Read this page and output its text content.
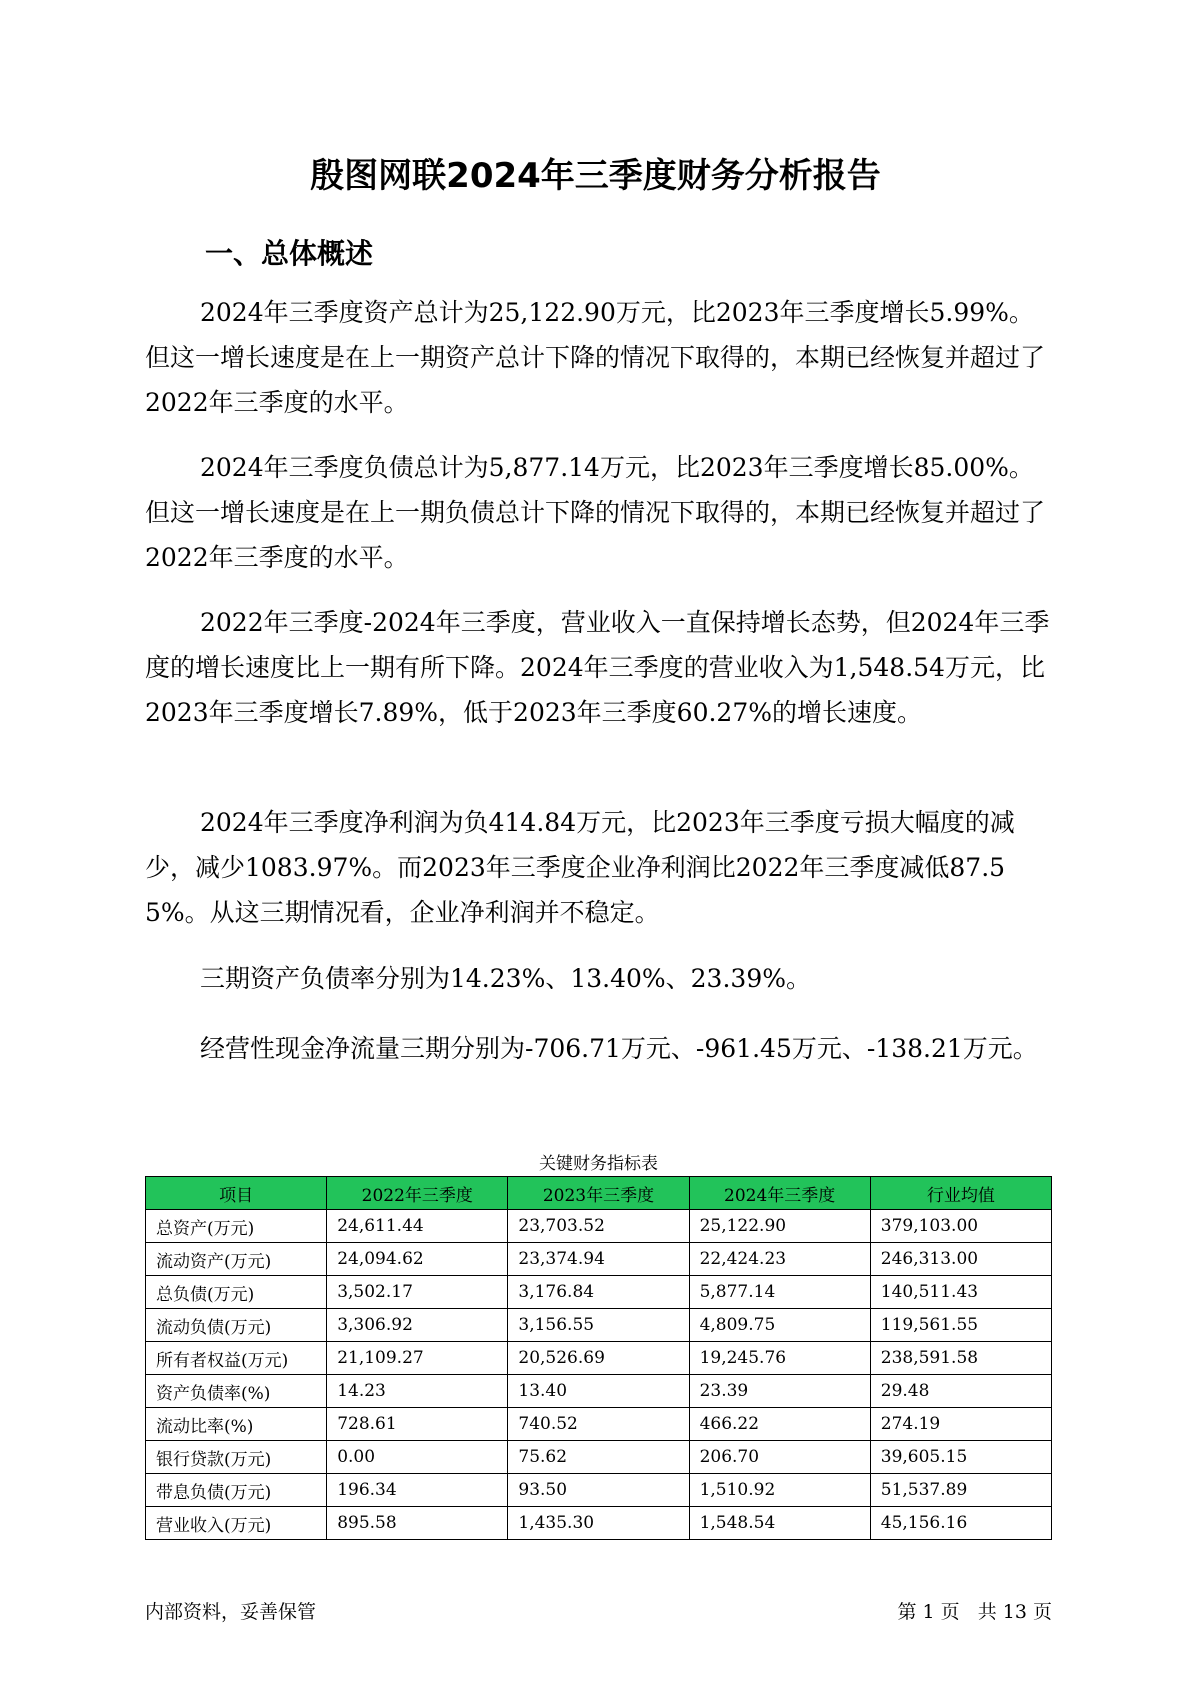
殷图网联2024年三季度财务分析报告
一、总体概述

2024年三季度资产总计为25,122.90万元，比2023年三季度增长5.99%。但这一增长速度是在上一期资产总计下降的情况下取得的，本期已经恢复并超过了2022年三季度的水平。

2024年三季度负债总计为5,877.14万元，比2023年三季度增长85.00%。但这一增长速度是在上一期负债总计下降的情况下取得的，本期已经恢复并超过了2022年三季度的水平。

2022年三季度-2024年三季度，营业收入一直保持增长态势，但2024年三季度的增长速度比上一期有所下降。2024年三季度的营业收入为1,548.54万元，比2023年三季度增长7.89%，低于2023年三季度60.27%的增长速度。

2024年三季度净利润为负414.84万元，比2023年三季度亏损大幅度的减少，减少1083.97%。而2023年三季度企业净利润比2022年三季度减低87.55%。从这三期情况看，企业净利润并不稳定。

三期资产负债率分别为14.23%、13.40%、23.39%。

经营性现金净流量三期分别为-706.71万元、-961.45万元、-138.21万元。

关键财务指标表
项目	2022年三季度	2023年三季度	2024年三季度	行业均值
总资产(万元)	24,611.44	23,703.52	25,122.90	379,103.00
流动资产(万元)	24,094.62	23,374.94	22,424.23	246,313.00
总负债(万元)	3,502.17	3,176.84	5,877.14	140,511.43
流动负债(万元)	3,306.92	3,156.55	4,809.75	119,561.55
所有者权益(万元)	21,109.27	20,526.69	19,245.76	238,591.58
资产负债率(%)	14.23	13.40	23.39	29.48
流动比率(%)	728.61	740.52	466.22	274.19
银行贷款(万元)	0.00	75.62	206.70	39,605.15
带息负债(万元)	196.34	93.50	1,510.92	51,537.89
营业收入(万元)	895.58	1,435.30	1,548.54	45,156.16
内部资料，妥善保管	第 1 页   共 13 页
